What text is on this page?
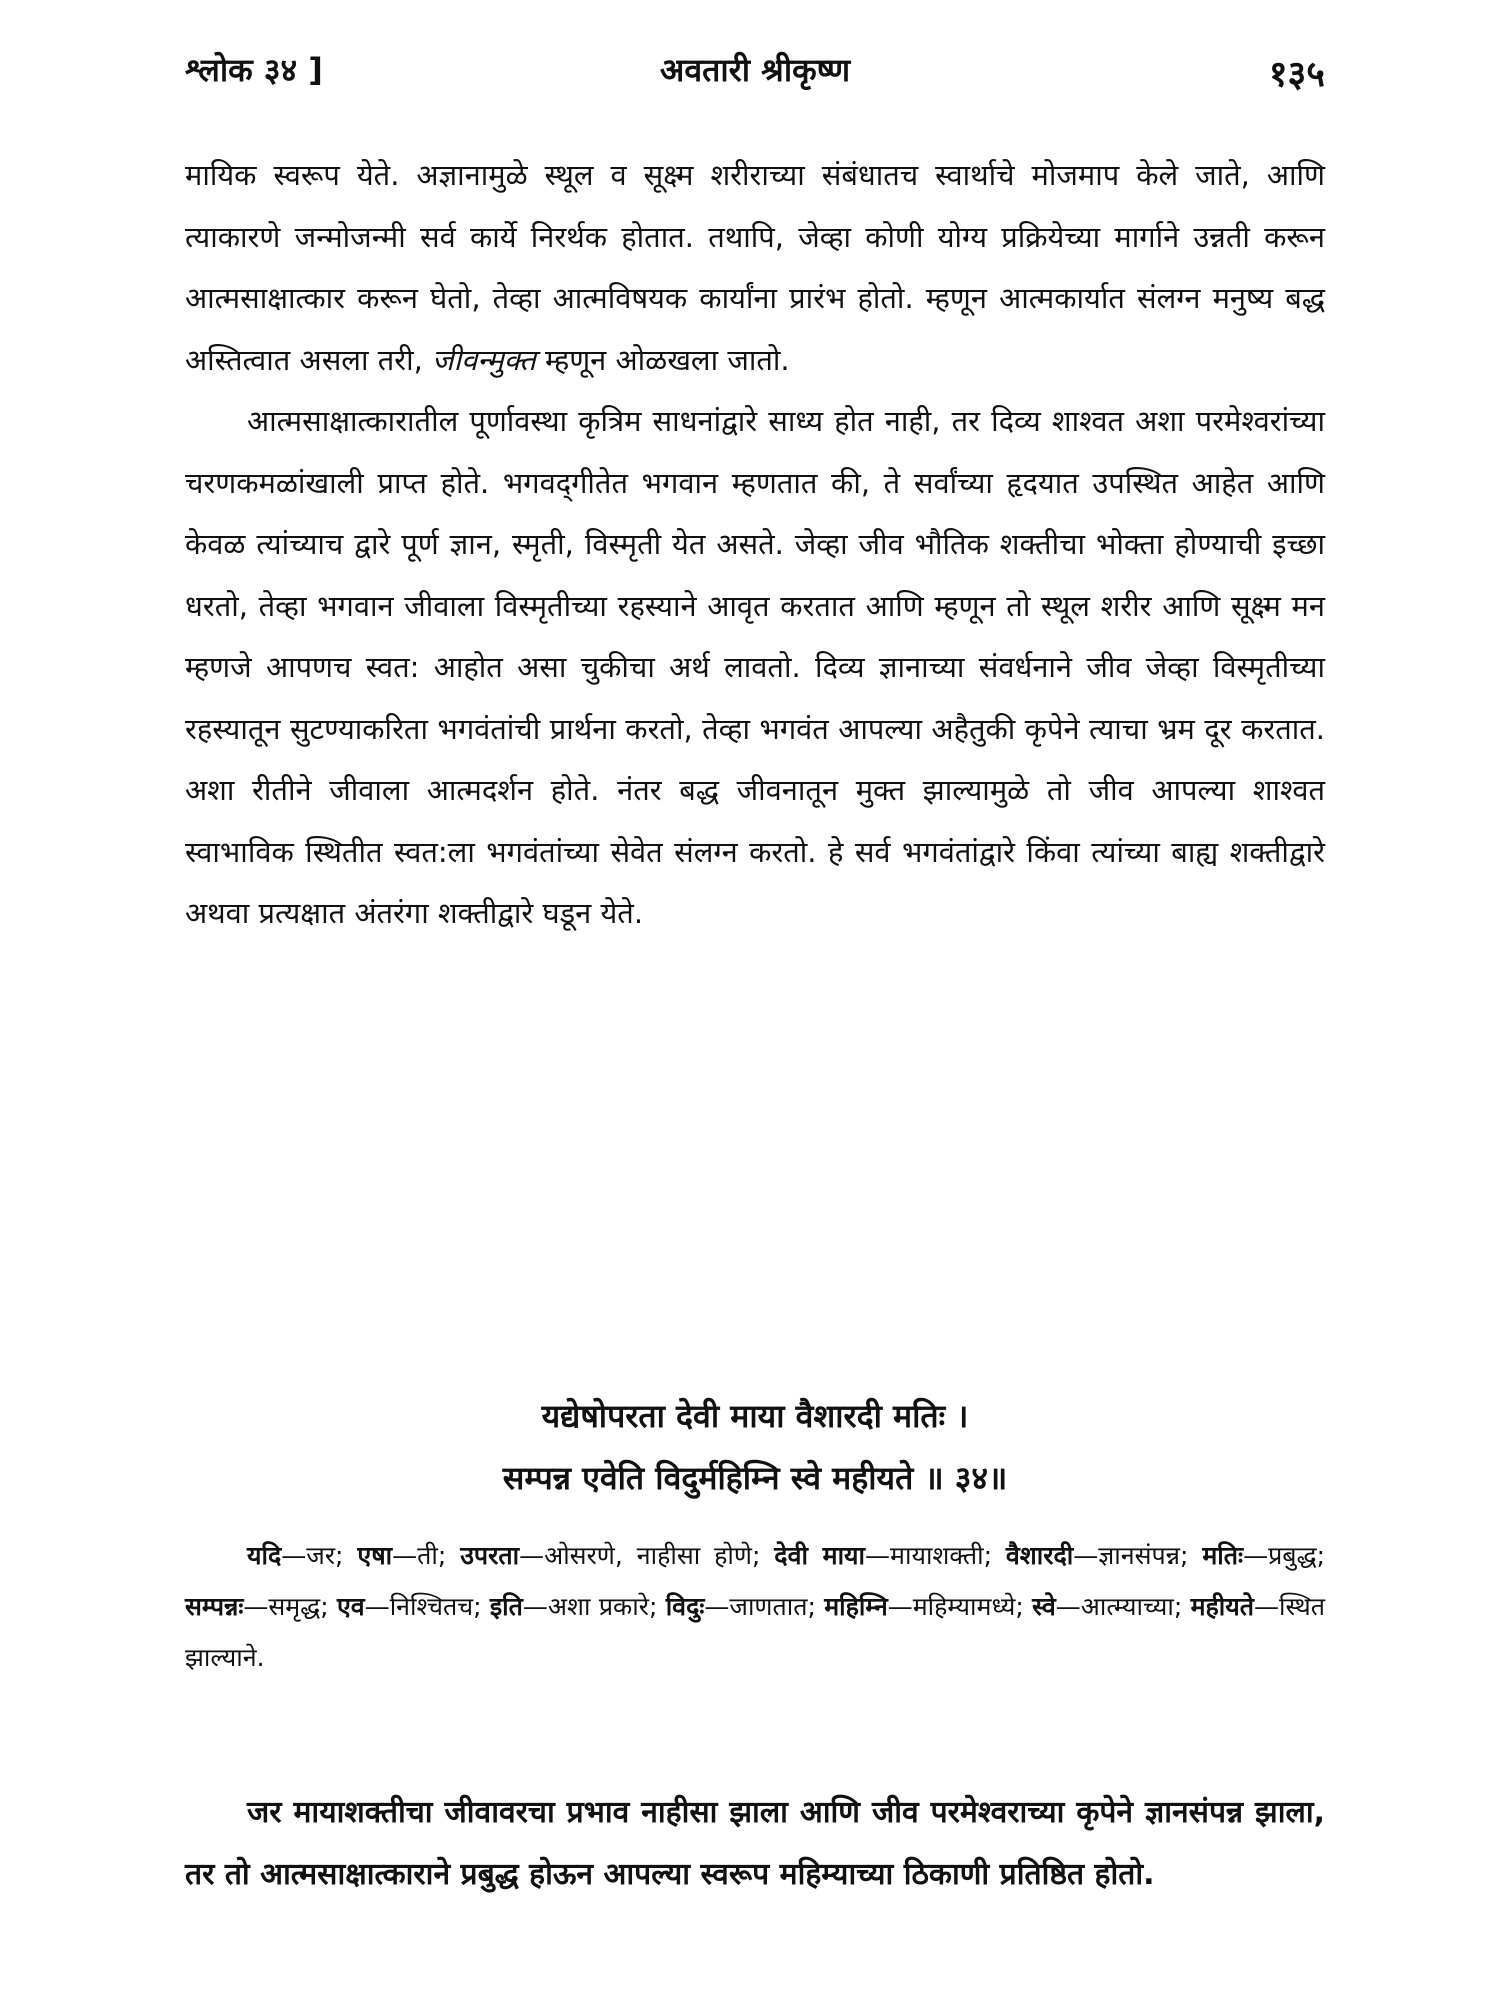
श्लोक ३४ ]	अवतारी श्रीकृष्ण	१३५

मायिक स्वरूप येते. अज्ञानामुळे स्थूल व सूक्ष्म शरीराच्या संबंधातच स्वार्थाचे मोजमाप केले जाते, आणि त्याकारणे जन्मोजन्मी सर्व कार्ये निरर्थक होतात. तथापि, जेव्हा कोणी योग्य प्रक्रियेच्या मार्गाने उन्नती करून आत्मसाक्षात्कार करून घेतो, तेव्हा आत्मविषयक कार्यांना प्रारंभ होतो. म्हणून आत्मकार्यात संलग्न मनुष्य बद्ध अस्तित्वात असला तरी, जीवन्मुक्त म्हणून ओळखला जातो.

आत्मसाक्षात्कारातील पूर्णावस्था कृत्रिम साधनांद्वारे साध्य होत नाही, तर दिव्य शाश्वत अशा परमेश्वरांच्या चरणकमळांखाली प्राप्त होते. भगवद्‌गीतेत भगवान म्हणतात की, ते सर्वांच्या हृदयात उपस्थित आहेत आणि केवळ त्यांच्याच द्वारे पूर्ण ज्ञान, स्मृती, विस्मृती येत असते. जेव्हा जीव भौतिक शक्तीचा भोक्ता होण्याची इच्छा धरतो, तेव्हा भगवान जीवाला विस्मृतीच्या रहस्याने आवृत करतात आणि म्हणून तो स्थूल शरीर आणि सूक्ष्म मन म्हणजे आपणच स्वत: आहोत असा चुकीचा अर्थ लावतो. दिव्य ज्ञानाच्या संवर्धनाने जीव जेव्हा विस्मृतीच्या रहस्यातून सुटण्याकरिता भगवंतांची प्रार्थना करतो, तेव्हा भगवंत आपल्या अहैतुकी कृपेने त्याचा भ्रम दूर करतात. अशा रीतीने जीवाला आत्मदर्शन होते. नंतर बद्ध जीवनातून मुक्त झाल्यामुळे तो जीव आपल्या शाश्वत स्वाभाविक स्थितीत स्वत:ला भगवंतांच्या सेवेत संलग्न करतो. हे सर्व भगवंतांद्वारे किंवा त्यांच्या बाह्य शक्तीद्वारे अथवा प्रत्यक्षात अंतरंगा शक्तीद्वारे घडून येते.

यद्येषोपरता देवी माया वैशारदी मतिः ।
सम्पन्न एवेति विदुर्महिम्नि स्वे महीयते ॥ ३४॥
यदि—जर; एषा—ती; उपरता—ओसरणे, नाहीसा होणे; देवी माया—मायाशक्ती; वैशारदी—ज्ञानसंपन्न; मतिः—प्रबुद्ध; सम्पन्नः—समृद्ध; एव—निश्चितच; इति—अशा प्रकारे; विदुः—जाणतात; महिम्नि—महिम्यामध्ये; स्वे—आत्म्याच्या; महीयते—स्थित झाल्याने.
जर मायाशक्तीचा जीवावरचा प्रभाव नाहीसा झाला आणि जीव परमेश्वराच्या कृपेने ज्ञानसंपन्न झाला, तर तो आत्मसाक्षात्काराने प्रबुद्ध होऊन आपल्या स्वरूप महिम्याच्या ठिकाणी प्रतिष्ठित होतो.
